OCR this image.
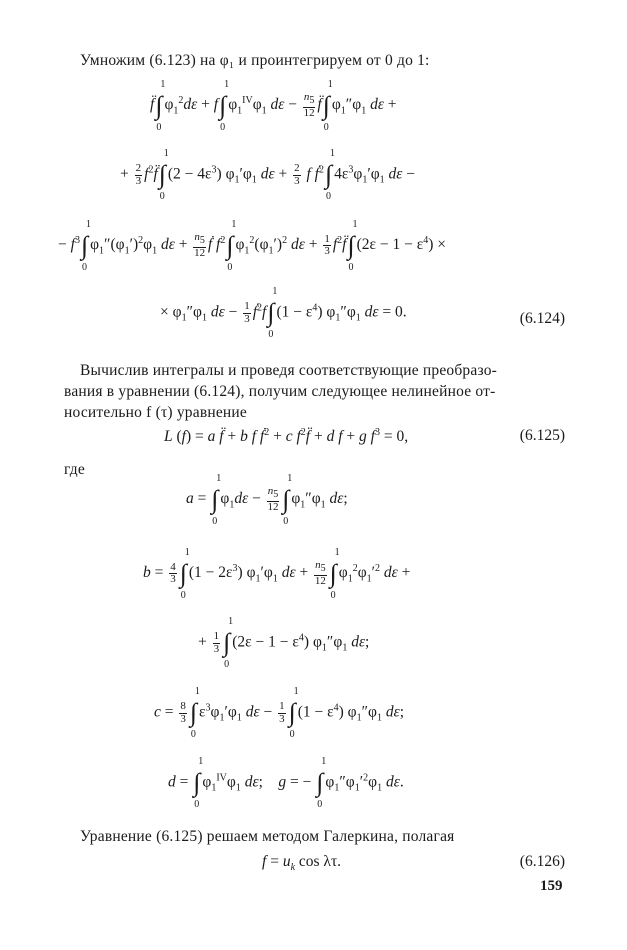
Умножим (6.123) на φ₁ и проинтегрируем от 0 до 1:
f̈∫
1
0
$\varphi_1^2d\varepsilon + f\int$
1
0
$\varphi_1^{IV}\varphi_1$ $d\varepsilon - \frac{n_5}{12}$ f̈∫
1
0
$\varphi_1''\varphi_1$ dε +
+ $\frac{2}{3}$ $f^2f̈\int$
1
0
$(2 - 4\varepsilon^3)$ $\varphi_1'\varphi_1$ $d\varepsilon + \frac{2}{3}$ f ḟ$^2$∫
1
0
$4\varepsilon^3\varphi_1'\varphi_1$ dε −
− $f^3\int$
1
0
$\varphi_1''(\varphi_1')^2\varphi_1$ $d\varepsilon + \frac{n_5}{12}$ ḟ $f^2\int$
1
0
$\varphi_1^2(\varphi_1')^2$ $d\varepsilon + \frac{1}{3}$ $f^2f̈\int$
1
0
$(2\varepsilon - 1 - \varepsilon^4)$ ×
× $\varphi_1''\varphi_1$ $d\varepsilon - \frac{1}{3}$ ḟ$^2$f∫
1
0
$(1 - \varepsilon^4)$ $\varphi_1''\varphi_1$ dε = 0.	(6.124)
Вычислив интегралы и проведя соответствующие преобразо-
вания в уравнении (6.124), получим следующее нелинейное от-
носительно f (τ) уравнение
L (f) = a f̈ + b f ḟ$^2$ + c $f^2f̈ + d$ f + g $f^3 = 0$,	(6.125)
где
a = ∫
1
0
$\varphi_1d\varepsilon - \frac{n_5}{12}$ ∫
1
0
$\varphi_1''\varphi_1$ dε;
$b = \frac{4}{3}$ ∫
1
0
$(1 - 2\varepsilon^3)$ $\varphi_1'\varphi_1$ $d\varepsilon + \frac{n_5}{12}$ ∫
1
0
$\varphi_1^2\varphi_1'^2$ dε +
+ $\frac{1}{3}$ ∫
1
0
$(2\varepsilon - 1 - \varepsilon^4)$ $\varphi_1''\varphi_1$ dε;
$c = \frac{8}{3}$ ∫
1
0
$\varepsilon^3\varphi_1'\varphi_1$ $d\varepsilon - \frac{1}{3}$ ∫
1
0
$(1 - \varepsilon^4)$ $\varphi_1''\varphi_1$ dε;
d = ∫
1
0
$\varphi_1^{IV}\varphi_1$ dε;    g = − ∫
1
0
$\varphi_1''\varphi_1'^2\varphi_1$ dε.
Уравнение (6.125) решаем методом Галеркина, полагая
$f = u_k$ cos λτ.	(6.126)
159
